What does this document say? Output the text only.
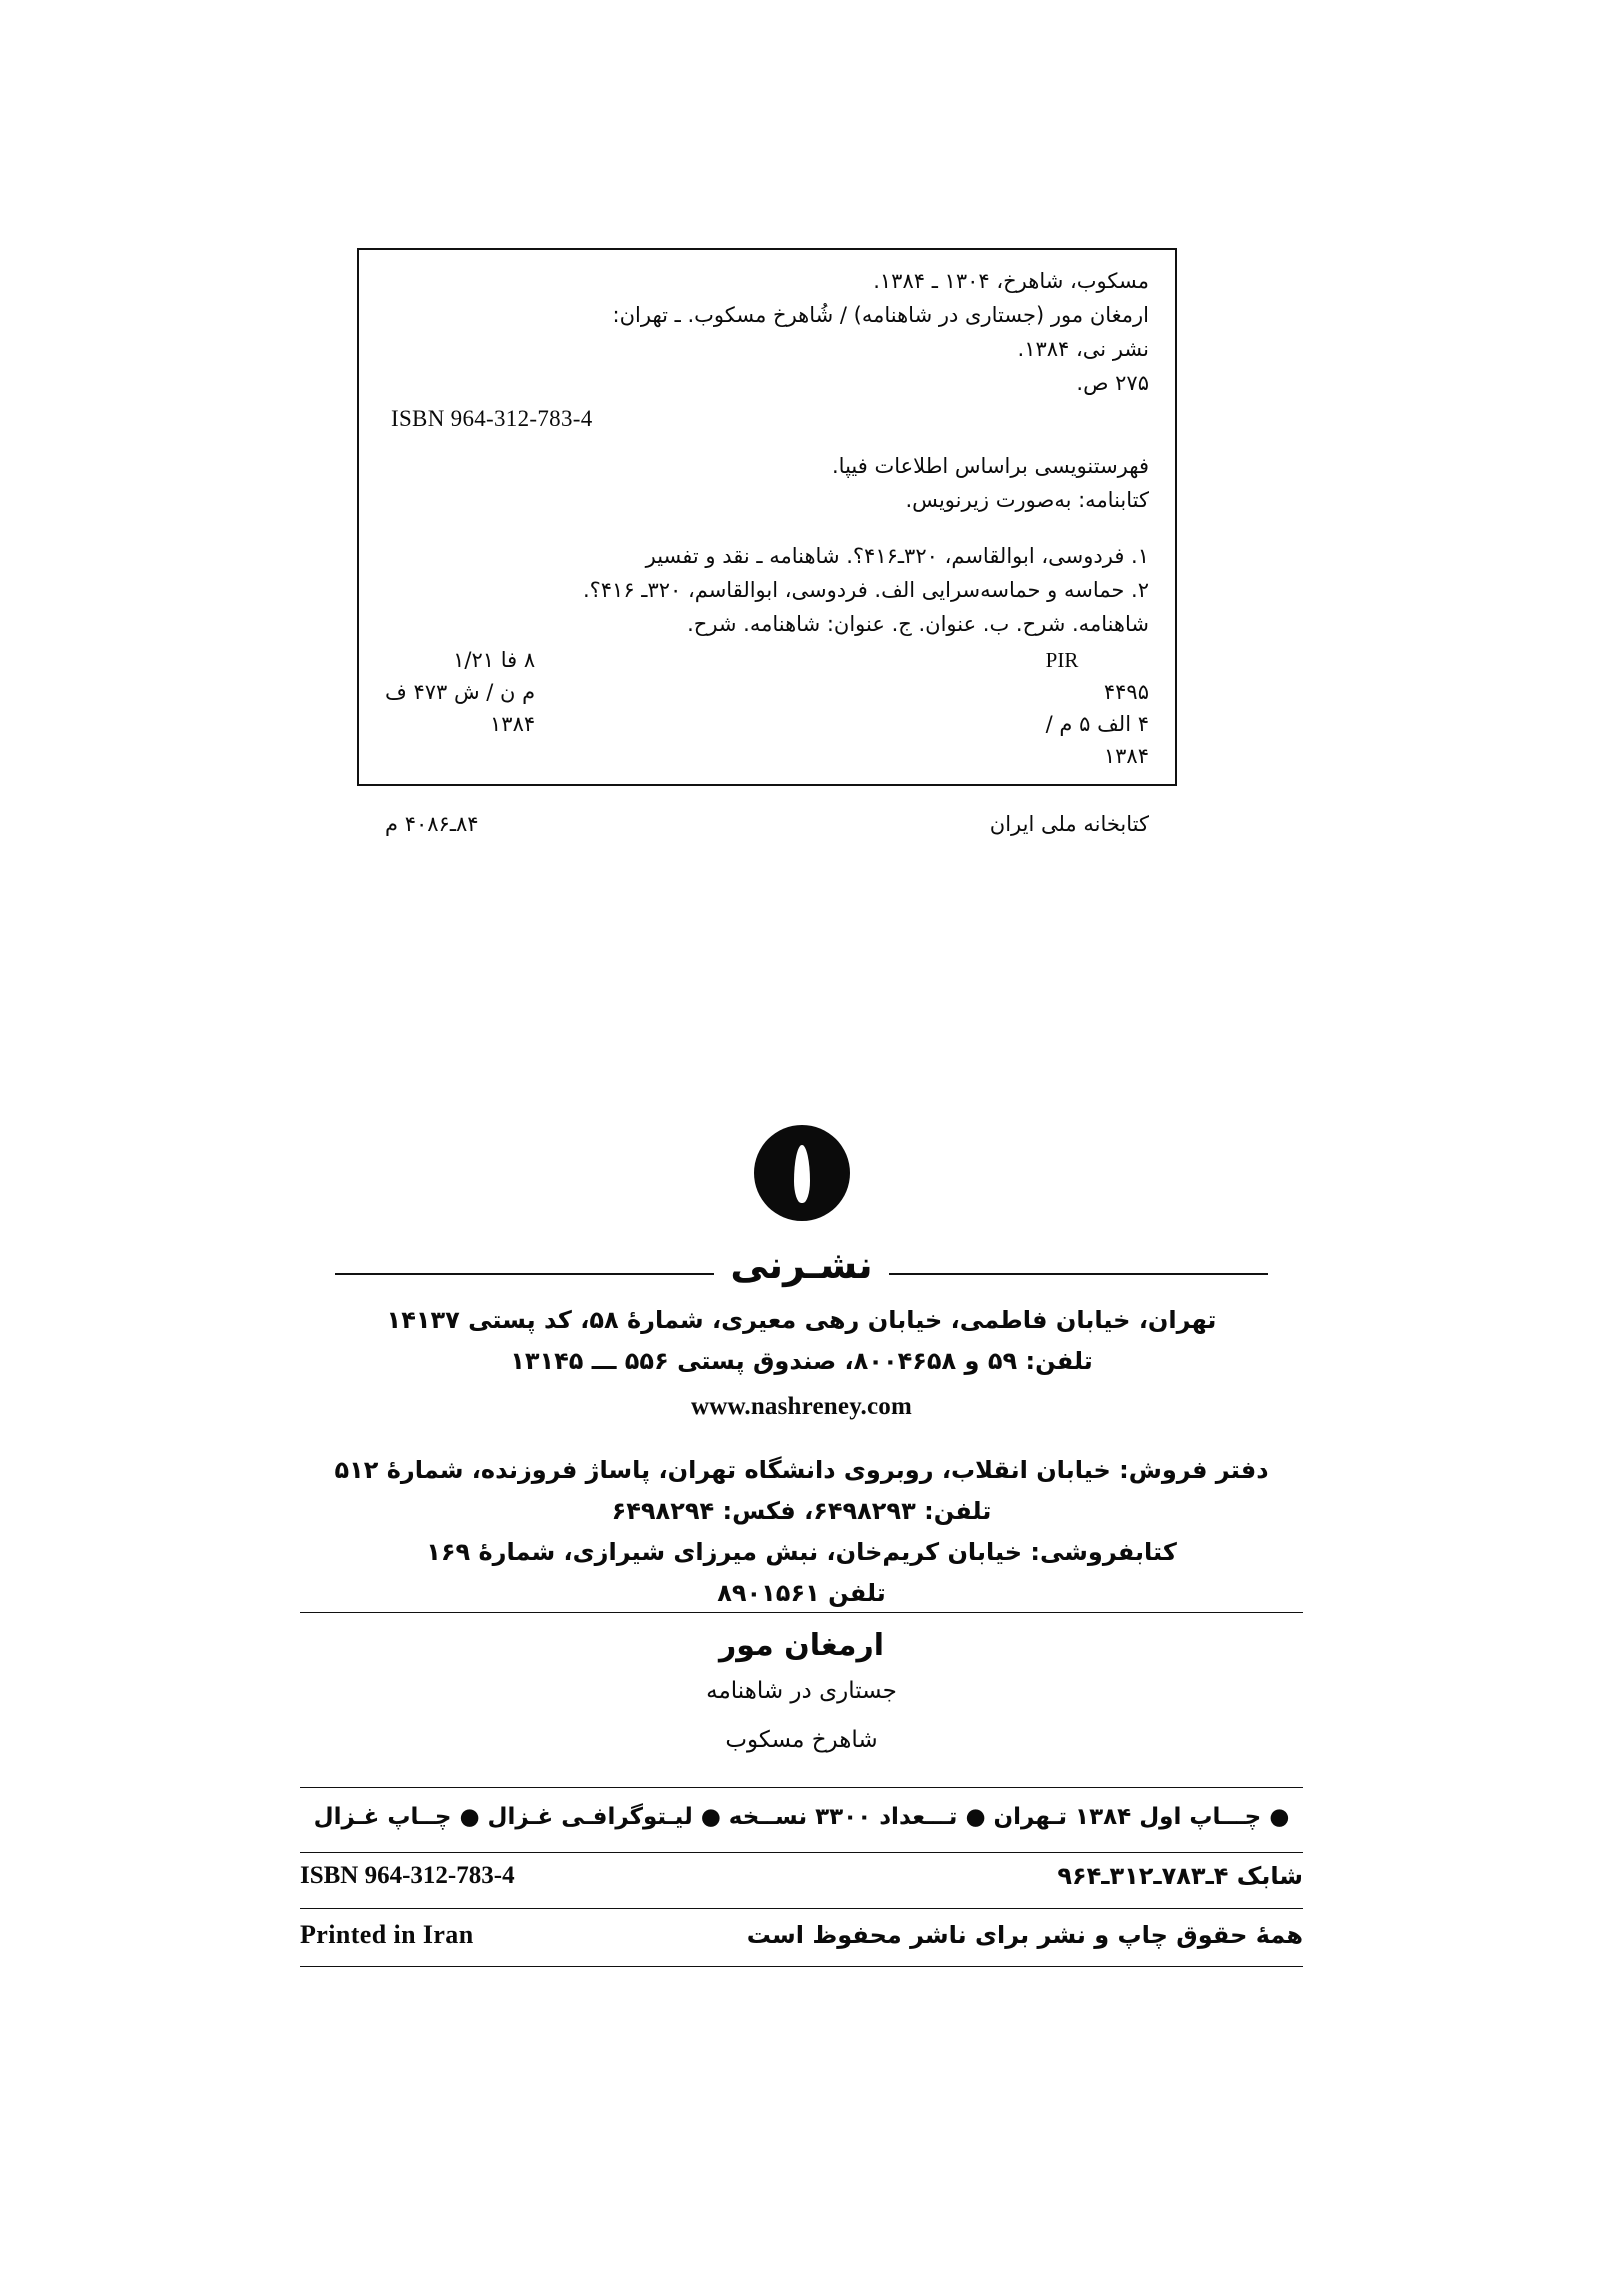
مسکوب، شاهرخ، ۱۳۰۴ ـ ۱۳۸۴.
ارمغان مور (جستاری در شاهنامه) / شُاهرخ مسکوب. ـ تهران:
نشر نی، ۱۳۸۴.
۲۷۵ ص.
ISBN 964-312-783-4
فهرستنویسی براساس اطلاعات فیپا.
کتابنامه: به‌صورت زیرنویس.
۱. فردوسی، ابوالقاسم، ۳۲۰ـ۴۱۶؟. شاهنامه ـ نقد و تفسیر
۲. حماسه و حماسه‌سرایی الف. فردوسی، ابوالقاسم، ۳۲۰ـ ۴۱۶؟.
شاهنامه. شرح. ب. عنوان. ج. عنوان: شاهنامه. شرح.
PIR
۴۴۹۵
۴ الف ۵ م /
۱۳۸۴
۸ فا ۱/۲۱
م ن / ش ۴۷۳ ف
۱۳۸۴
کتابخانه ملی ایران
۸۴ـ۴۰۸۶ م
نشـرنی
تهران، خیابان فاطمی، خیابان رهی معیری، شمارهٔ ۵۸، کد پستی ۱۴۱۳۷
تلفن: ۵۹ و ۸۰۰۴۶۵۸، صندوق پستی ۵۵۶ ـــ ۱۳۱۴۵
www.nashreney.com
دفتر فروش: خیابان انقلاب، روبروی دانشگاه تهران، پاساژ فروزنده، شمارهٔ ۵۱۲
تلفن: ۶۴۹۸۲۹۳، فکس: ۶۴۹۸۲۹۴
کتابفروشی: خیابان کریم‌خان، نبش میرزای شیرازی، شمارهٔ ۱۶۹
تلفن ۸۹۰۱۵۶۱
ارمغان مور
جستاری در شاهنامه
شاهرخ مسکوب
● چـــاپ اول ۱۳۸۴ تـهران ● تـــعداد ۳۳۰۰ نســخه ● لیـتوگرافـی غـزال ● چــاپ غـزال
ISBN 964-312-783-4	شابک ۴ـ۷۸۳ـ۳۱۲ـ۹۶۴
Printed in Iran	همهٔ حقوق چاپ و نشر برای ناشر محفوظ است
